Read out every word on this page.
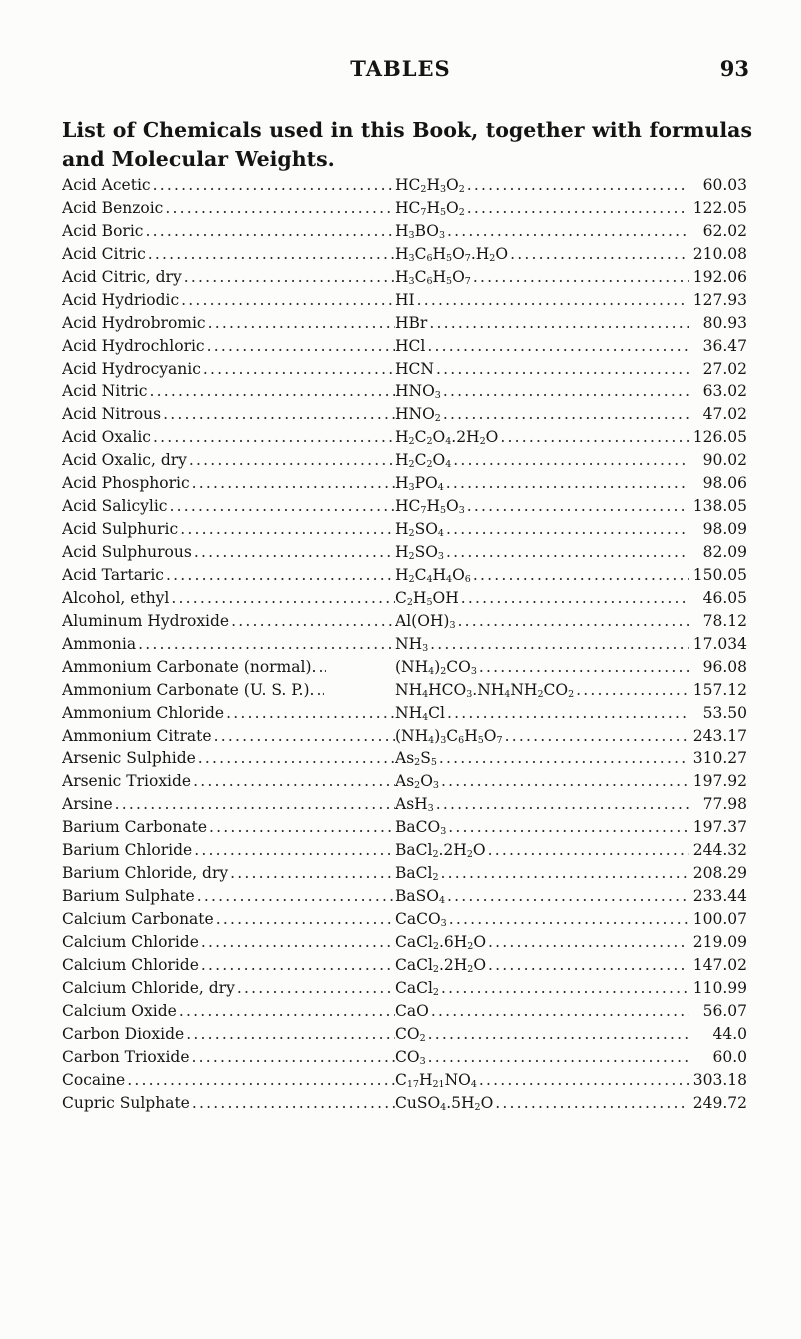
TABLES	93
List of Chemicals used in this Book, together with formulas and Molecular Weights.
Acid Acetic .....	$HC_2H_3O_2$ .....	60.03
Acid Benzoic .....	$HC_7H_5O_2$ .....	122.05
Acid Boric .....	$H_3BO_3$ .....	62.02
Acid Citric .....	$H_3C_6H_5O_7.H_2O$ .....	210.08
Acid Citric, dry .....	$H_3C_6H_5O_7$ .....	192.06
Acid Hydriodic .....	HI .....	127.93
Acid Hydrobromic .....	HBr .....	80.93
Acid Hydrochloric .....	HCl .....	36.47
Acid Hydrocyanic .....	HCN .....	27.02
Acid Nitric .....	$HNO_3$ .....	63.02
Acid Nitrous .....	$HNO_2$ .....	47.02
Acid Oxalic .....	$H_2C_2O_4.2H_2O$ .....	126.05
Acid Oxalic, dry .....	$H_2C_2O_4$ .....	90.02
Acid Phosphoric .....	$H_3PO_4$ .....	98.06
Acid Salicylic .....	$HC_7H_5O_3$ .....	138.05
Acid Sulphuric .....	$H_2SO_4$ .....	98.09
Acid Sulphurous .....	$H_2SO_3$ .....	82.09
Acid Tartaric .....	$H_2C_4H_4O_6$ .....	150.05
Alcohol, ethyl .....	$C_2H_5OH$ .....	46.05
Aluminum Hydroxide .....	$Al(OH)_3$ .....	78.12
Ammonia .....	$NH_3$ .....	17.034
Ammonium Carbonate (normal). .....	$(NH_4)_2CO_3$ .....	96.08
Ammonium Carbonate (U. S. P.). .....	$NH_4HCO_3.NH_4NH_2CO_2$ .....	157.12
Ammonium Chloride .....	$NH_4Cl$ .....	53.50
Ammonium Citrate .....	$(NH_4)_3C_6H_5O_7$ .....	243.17
Arsenic Sulphide .....	$As_2S_5$ .....	310.27
Arsenic Trioxide .....	$As_2O_3$ .....	197.92
Arsine .....	AsH$_3$ .....	77.98
Barium Carbonate .....	BaCO$_3$ .....	197.37
Barium Chloride .....	$BaCl_2.2H_2O$ .....	244.32
Barium Chloride, dry .....	BaCl$_2$ .....	208.29
Barium Sulphate .....	BaSO$_4$ .....	233.44
Calcium Carbonate .....	CaCO$_3$ .....	100.07
Calcium Chloride .....	$CaCl_2.6H_2O$ .....	219.09
Calcium Chloride .....	$CaCl_2.2H_2O$ .....	147.02
Calcium Chloride, dry .....	CaCl$_2$ .....	110.99
Calcium Oxide .....	CaO .....	56.07
Carbon Dioxide .....	$CO_2$ .....	44.0
Carbon Trioxide .....	$CO_3$ .....	60.0
Cocaine .....	$C_{17}H_{21}NO_4$ .....	303.18
Cupric Sulphate .....	$CuSO_4.5H_2O$ .....	249.72
